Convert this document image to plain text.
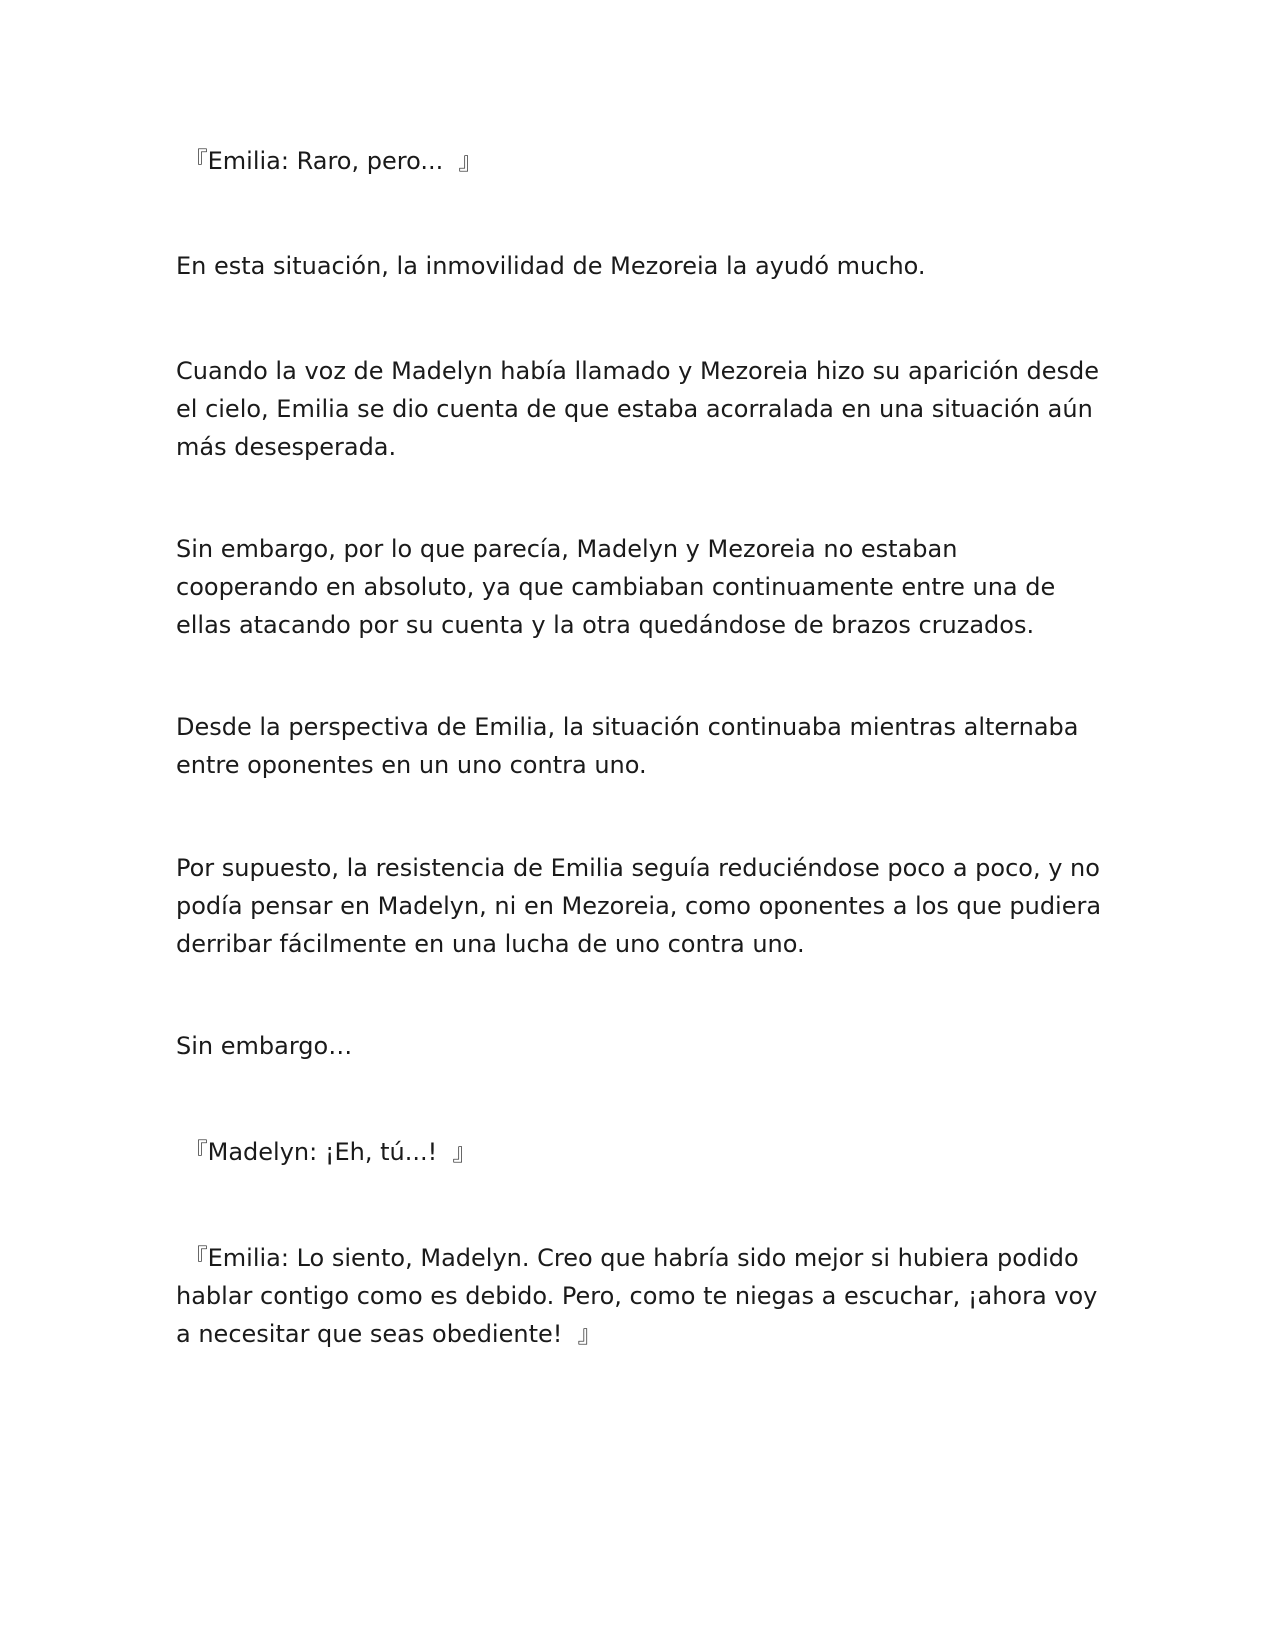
『Emilia: Raro, pero...  』

En esta situación, la inmovilidad de Mezoreia la ayudó mucho.

Cuando la voz de Madelyn había llamado y Mezoreia hizo su aparición desde el cielo, Emilia se dio cuenta de que estaba acorralada en una situación aún más desesperada.

Sin embargo, por lo que parecía, Madelyn y Mezoreia no estaban cooperando en absoluto, ya que cambiaban continuamente entre una de ellas atacando por su cuenta y la otra quedándose de brazos cruzados.

Desde la perspectiva de Emilia, la situación continuaba mientras alternaba entre oponentes en un uno contra uno.

Por supuesto, la resistencia de Emilia seguía reduciéndose poco a poco, y no podía pensar en Madelyn, ni en Mezoreia, como oponentes a los que pudiera derribar fácilmente en una lucha de uno contra uno.

Sin embargo…

『Madelyn: ¡Eh, tú...!  』

『Emilia: Lo siento, Madelyn. Creo que habría sido mejor si hubiera podido hablar contigo como es debido. Pero, como te niegas a escuchar, ¡ahora voy a necesitar que seas obediente!  』
